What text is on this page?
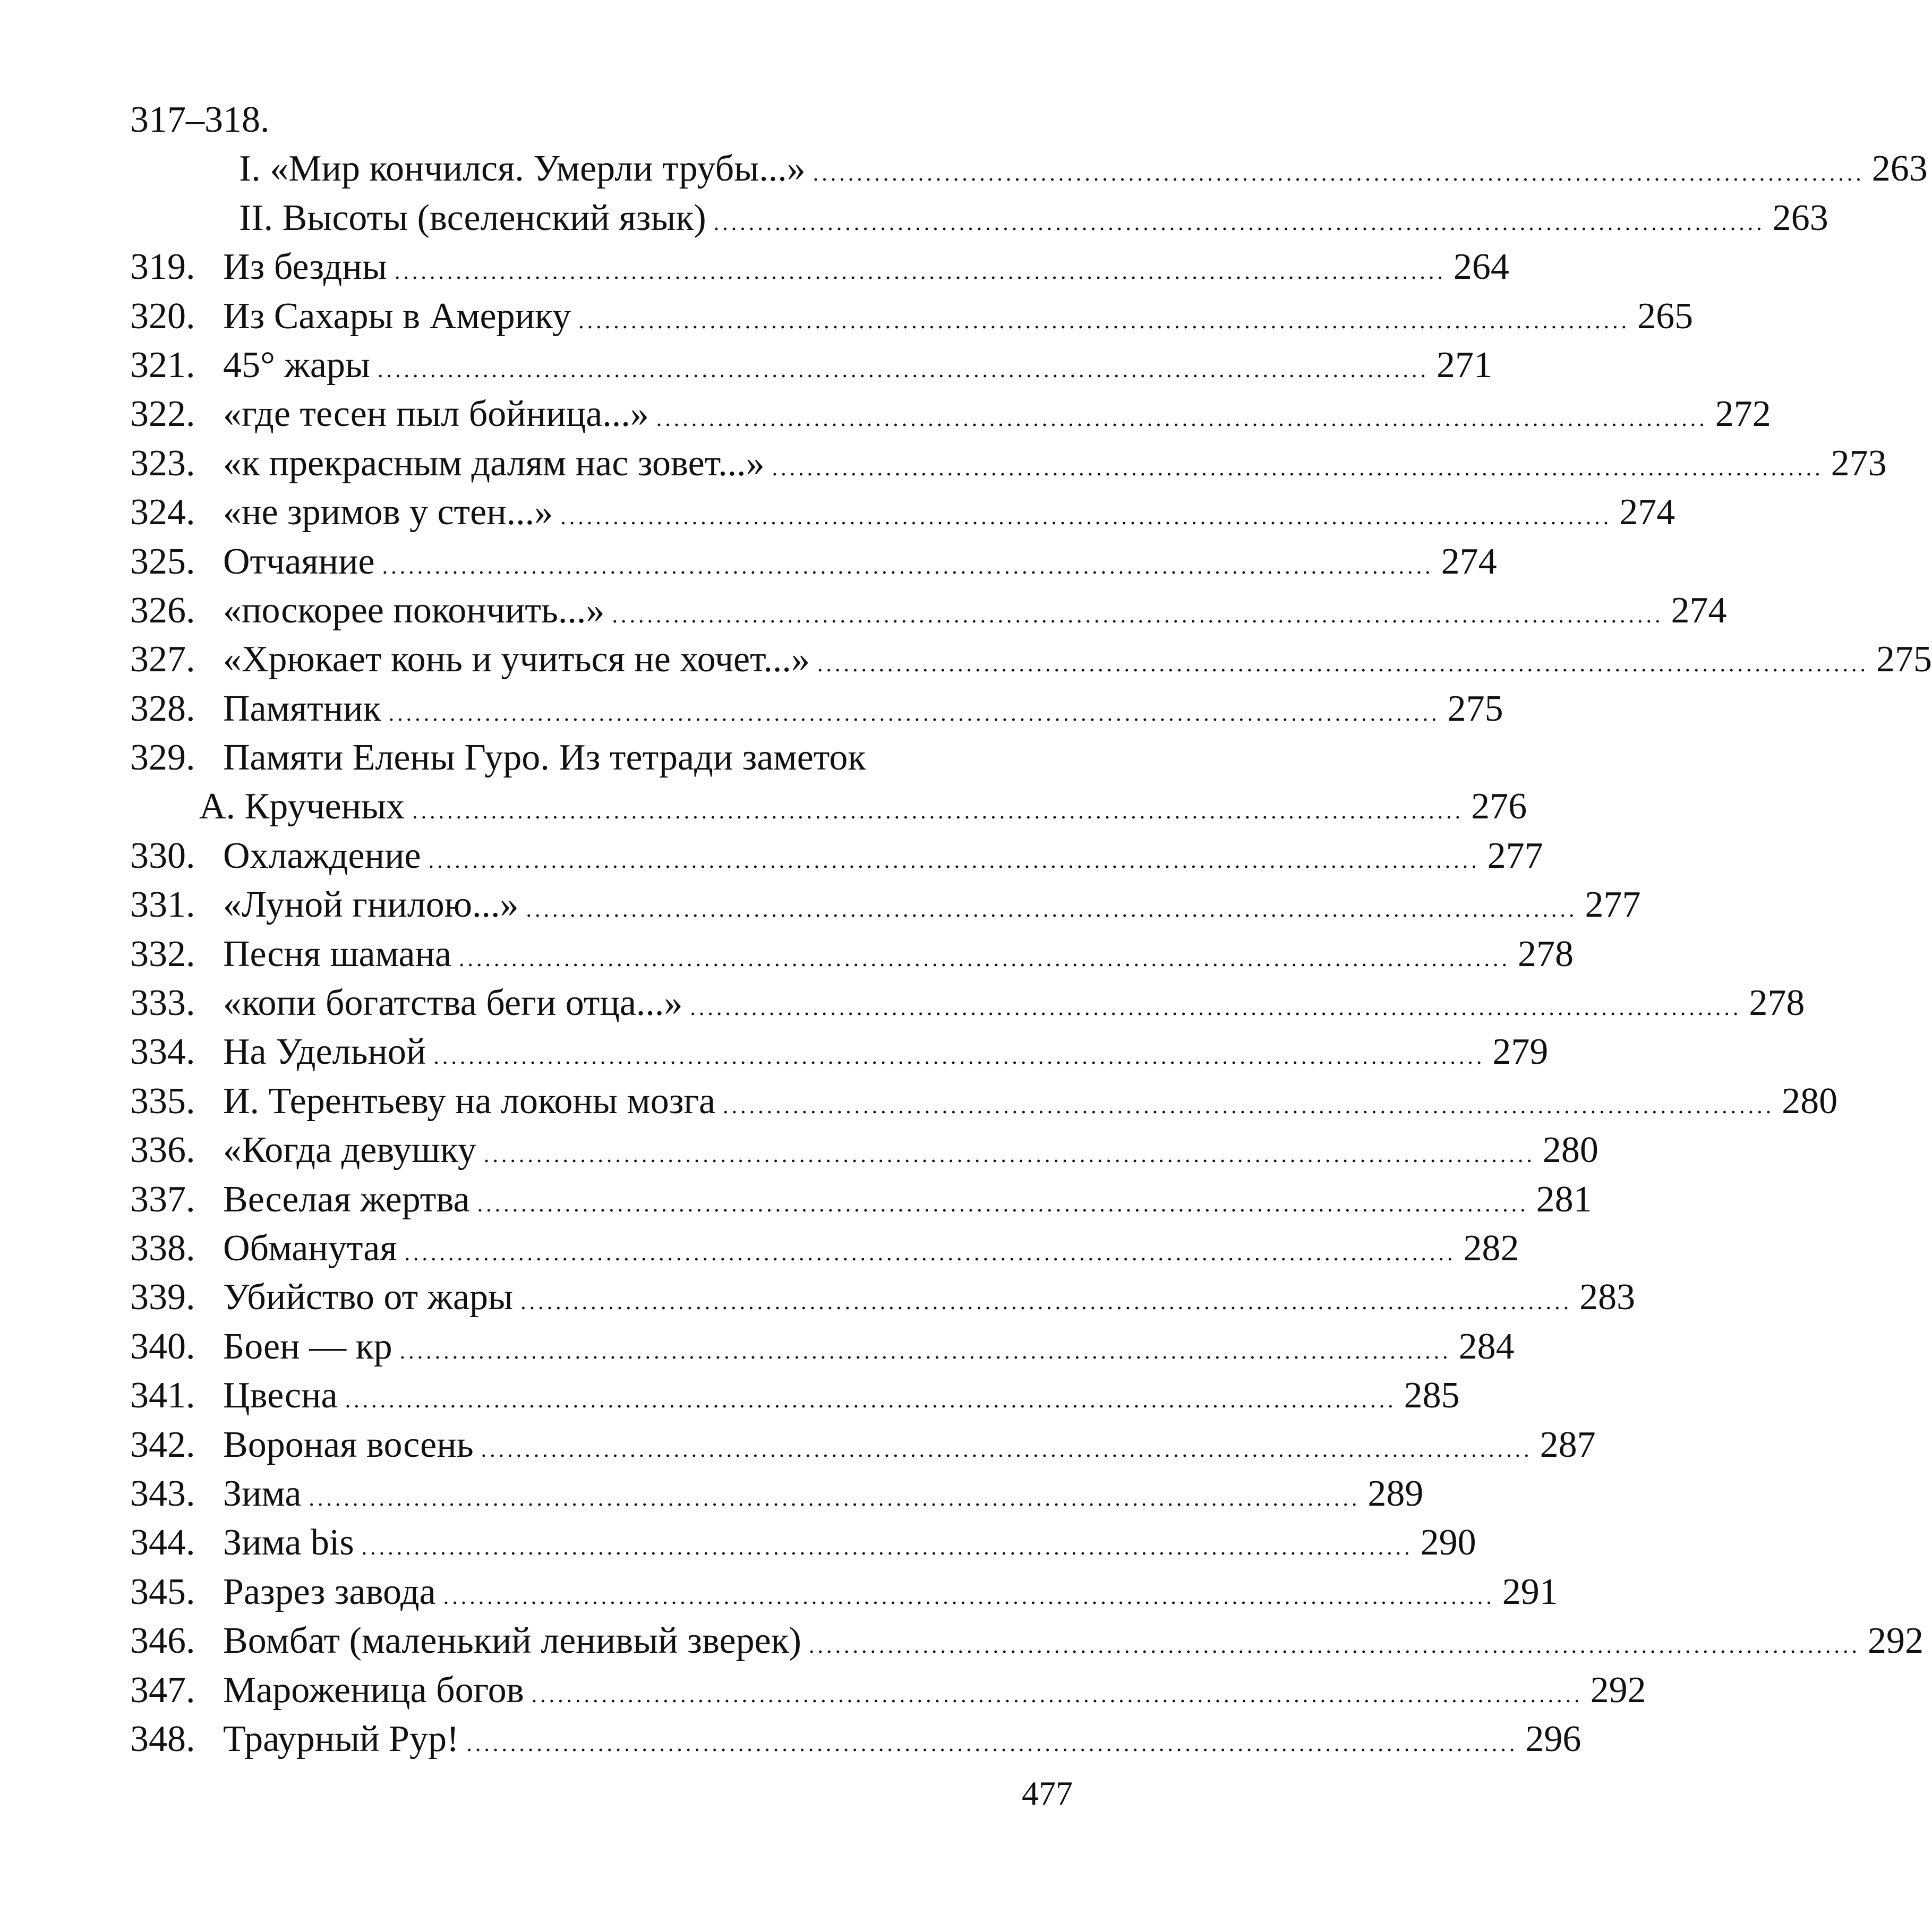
317–318.
I. «Мир кончился. Умерли трубы...» ........................................................................................................................ 263
II. Высоты (вселенский язык) ........................................................................................................................ 263
319. Из бездны ........................................................................................................................ 264
320. Из Сахары в Америку ........................................................................................................................ 265
321. 45° жары ........................................................................................................................ 271
322. «где тесен пыл бойница...» ........................................................................................................................ 272
323. «к прекрасным далям нас зовет...» ........................................................................................................................ 273
324. «не зримов у стен...» ........................................................................................................................ 274
325. Отчаяние ........................................................................................................................ 274
326. «поскорее покончить...» ........................................................................................................................ 274
327. «Хрюкает конь и учиться не хочет...» ........................................................................................................................ 275
328. Памятник ........................................................................................................................ 275
329. Памяти Елены Гуро. Из тетради заметок
А. Крученых ........................................................................................................................ 276
330. Охлаждение ........................................................................................................................ 277
331. «Луной гнилою...» ........................................................................................................................ 277
332. Песня шамана ........................................................................................................................ 278
333. «копи богатства беги отца...» ........................................................................................................................ 278
334. На Удельной ........................................................................................................................ 279
335. И. Терентьеву на локоны мозга ........................................................................................................................ 280
336. «Когда девушку ........................................................................................................................ 280
337. Веселая жертва ........................................................................................................................ 281
338. Обманутая ........................................................................................................................ 282
339. Убийство от жары ........................................................................................................................ 283
340. Боен — кр ........................................................................................................................ 284
341. Цвесна ........................................................................................................................ 285
342. Вороная восень ........................................................................................................................ 287
343. Зима ........................................................................................................................ 289
344. Зима bis ........................................................................................................................ 290
345. Разрез завода ........................................................................................................................ 291
346. Вомбат (маленький ленивый зверек) ........................................................................................................................ 292
347. Мароженица богов ........................................................................................................................ 292
348. Траурный Рур! ........................................................................................................................ 296
477
